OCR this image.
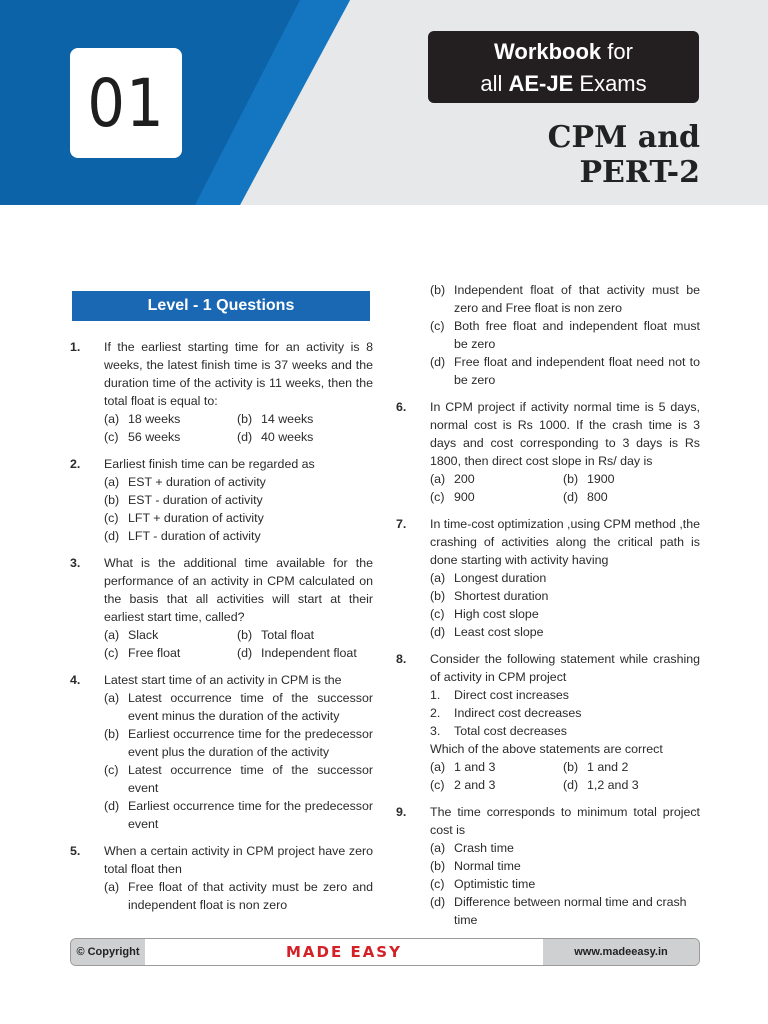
01
Workbook for
all AE-JE Exams
CPM and PERT-2
Level - 1 Questions
1. If the earliest starting time for an activity is 8 weeks, the latest finish time is 37 weeks and the duration time of the activity is 11 weeks, then the total float is equal to:
(a) 18 weeks	(b) 14 weeks
(c) 56 weeks	(d) 40 weeks
2. Earliest finish time can be regarded as
(a) EST + duration of activity
(b) EST - duration of activity
(c) LFT + duration of activity
(d) LFT - duration of activity
3. What is the additional time available for the performance of an activity in CPM calculated on the basis that all activities will start at their earliest start time, called?
(a) Slack	(b) Total float
(c) Free float	(d) Independent float
4. Latest start time of an activity in CPM is the
(a) Latest occurrence time of the successor event minus the duration of the activity
(b) Earliest occurrence time for the predecessor event plus the duration of the activity
(c) Latest occurrence time of the successor event
(d) Earliest occurrence time for the predecessor event
5. When a certain activity in CPM project have zero total float then
(a) Free float of that activity must be zero and independent float is non zero
(b) Independent float of that activity must be zero and Free float is non zero
(c) Both free float and independent float must be zero
(d) Free float and independent float need not to be zero
6. In CPM project if activity normal time is 5 days, normal cost is Rs 1000. If the crash time is 3 days and cost corresponding to 3 days is Rs 1800, then direct cost slope in Rs/ day is
(a) 200	(b) 1900
(c) 900	(d) 800
7. In time-cost optimization ,using CPM method ,the crashing of activities along the critical path is done starting with activity having
(a) Longest duration
(b) Shortest duration
(c) High cost slope
(d) Least cost slope
8. Consider the following statement while crashing of activity in CPM project
1. Direct cost increases
2. Indirect cost decreases
3. Total cost decreases
Which of the above statements are correct
(a) 1 and 3	(b) 1 and 2
(c) 2 and 3	(d) 1,2 and 3
9. The time corresponds to minimum total project cost is
(a) Crash time
(b) Normal time
(c) Optimistic time
(d) Difference between normal time and crash time
© Copyright	MADE EASY	www.madeeasy.in
